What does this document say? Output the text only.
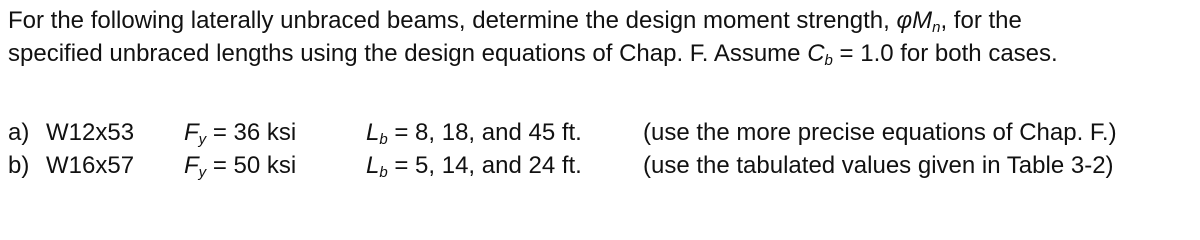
For the following laterally unbraced beams, determine the design moment strength, $\varphi M_n$, for the
specified unbraced lengths using the design equations of Chap. F. Assume $C_b = 1.0$ for both cases.
a) W12x53 $F_y = 36$ ksi	$L_b = 8$, 18, and 45 ft.	(use the more precise equations of Chap. F.)
b) W16x57 $F_y = 50$ ksi	$L_b = 5$, 14, and 24 ft.	(use the tabulated values given in Table 3-2)
